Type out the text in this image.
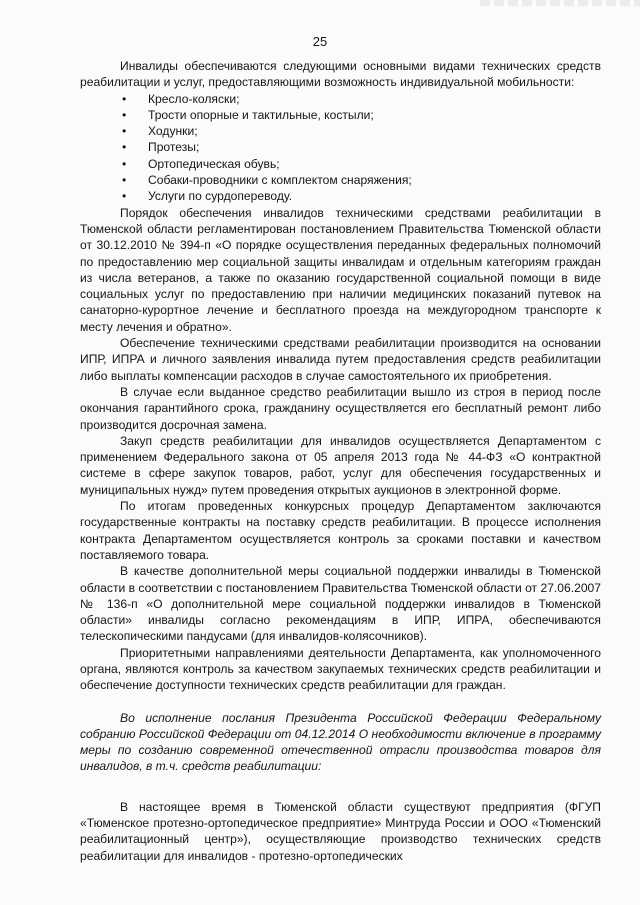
25

Инвалиды обеспечиваются следующими основными видами технических средств реабилитации и услуг, предоставляющими возможность индивидуальной мобильности:

• Кресло-коляски;
• Трости опорные и тактильные, костыли;
• Ходунки;
• Протезы;
• Ортопедическая обувь;
• Собаки-проводники с комплектом снаряжения;
• Услуги по сурдопереводу.

Порядок обеспечения инвалидов техническими средствами реабилитации в Тюменской области регламентирован постановлением Правительства Тюменской области от 30.12.2010 № 394-п «О порядке осуществления переданных федеральных полномочий по предоставлению мер социальной защиты инвалидам и отдельным категориям граждан из числа ветеранов, а также по оказанию государственной социальной помощи в виде социальных услуг по предоставлению при наличии медицинских показаний путевок на санаторно-курортное лечение и бесплатного проезда на междугородном транспорте к месту лечения и обратно».

Обеспечение техническими средствами реабилитации производится на основании ИПР, ИПРА и личного заявления инвалида путем предоставления средств реабилитации либо выплаты компенсации расходов в случае самостоятельного их приобретения.

В случае если выданное средство реабилитации вышло из строя в период после окончания гарантийного срока, гражданину осуществляется его бесплатный ремонт либо производится досрочная замена.

Закуп средств реабилитации для инвалидов осуществляется Департаментом с применением Федерального закона от 05 апреля 2013 года № 44-ФЗ «О контрактной системе в сфере закупок товаров, работ, услуг для обеспечения государственных и муниципальных нужд» путем проведения открытых аукционов в электронной форме.

По итогам проведенных конкурсных процедур Департаментом заключаются государственные контракты на поставку средств реабилитации. В процессе исполнения контракта Департаментом осуществляется контроль за сроками поставки и качеством поставляемого товара.

В качестве дополнительной меры социальной поддержки инвалиды в Тюменской области в соответствии с постановлением Правительства Тюменской области от 27.06.2007 № 136-п «О дополнительной мере социальной поддержки инвалидов в Тюменской области» инвалиды согласно рекомендациям в ИПР, ИПРА, обеспечиваются телескопическими пандусами (для инвалидов-колясочников).

Приоритетными направлениями деятельности Департамента, как уполномоченного органа, являются контроль за качеством закупаемых технических средств реабилитации и обеспечение доступности технических средств реабилитации для граждан.

Во исполнение послания Президента Российской Федерации Федеральному собранию Российской Федерации от 04.12.2014 О необходимости включение в программу меры по созданию современной отечественной отрасли производства товаров для инвалидов, в т.ч. средств реабилитации:

В настоящее время в Тюменской области существуют предприятия (ФГУП «Тюменское протезно-ортопедическое предприятие» Минтруда России и ООО «Тюменский реабилитационный центр»), осуществляющие производство технических средств реабилитации для инвалидов - протезно-ортопедических
